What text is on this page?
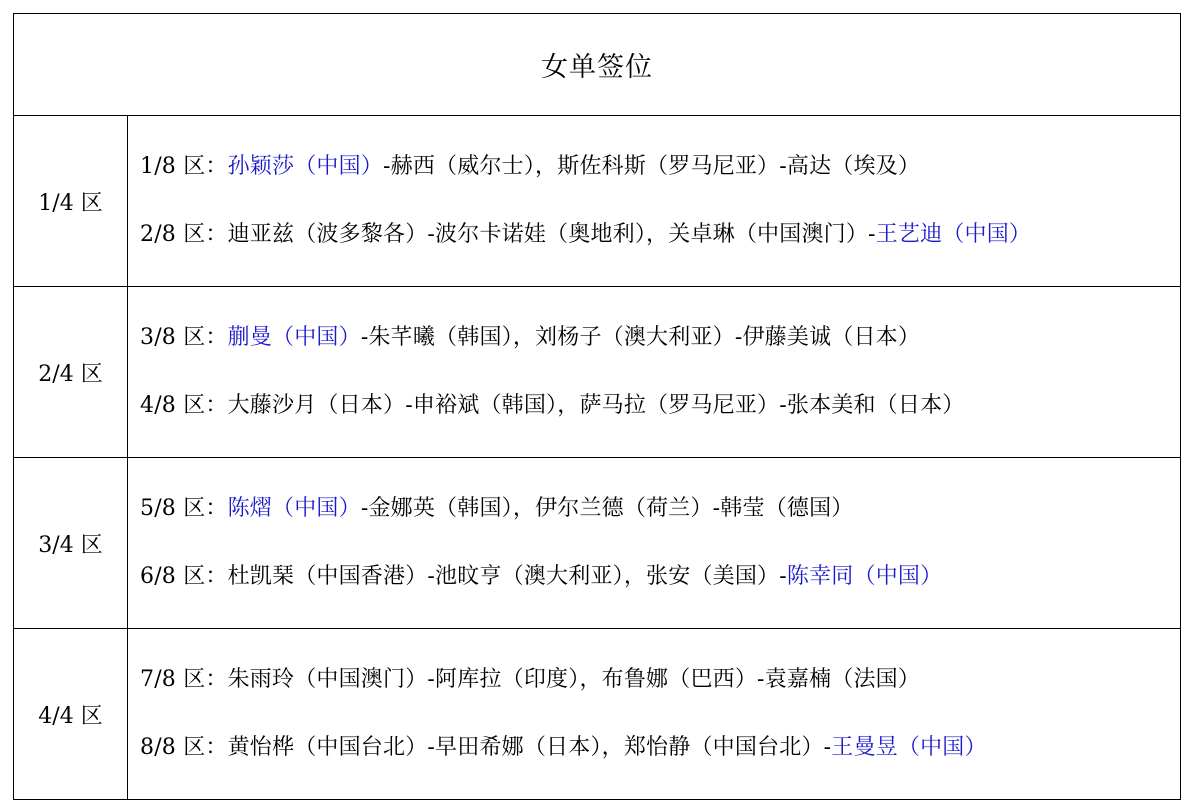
女单签位
1/4 区
1/8 区：孙颖莎（中国）-赫西（威尔士），斯佐科斯（罗马尼亚）-高达（埃及）
2/8 区：迪亚兹（波多黎各）-波尔卡诺娃（奥地利），关卓琳（中国澳门）-王艺迪（中国）
2/4 区
3/8 区：蒯曼（中国）-朱芊曦（韩国），刘杨子（澳大利亚）-伊藤美诚（日本）
4/8 区：大藤沙月（日本）-申裕斌（韩国），萨马拉（罗马尼亚）-张本美和（日本）
3/4 区
5/8 区：陈熠（中国）-金娜英（韩国），伊尔兰德（荷兰）-韩莹（德国）
6/8 区：杜凯琹（中国香港）-池旼亨（澳大利亚），张安（美国）-陈幸同（中国）
4/4 区
7/8 区：朱雨玲（中国澳门）-阿库拉（印度），布鲁娜（巴西）-袁嘉楠（法国）
8/8 区：黄怡桦（中国台北）-早田希娜（日本），郑怡静（中国台北）-王曼昱（中国）
